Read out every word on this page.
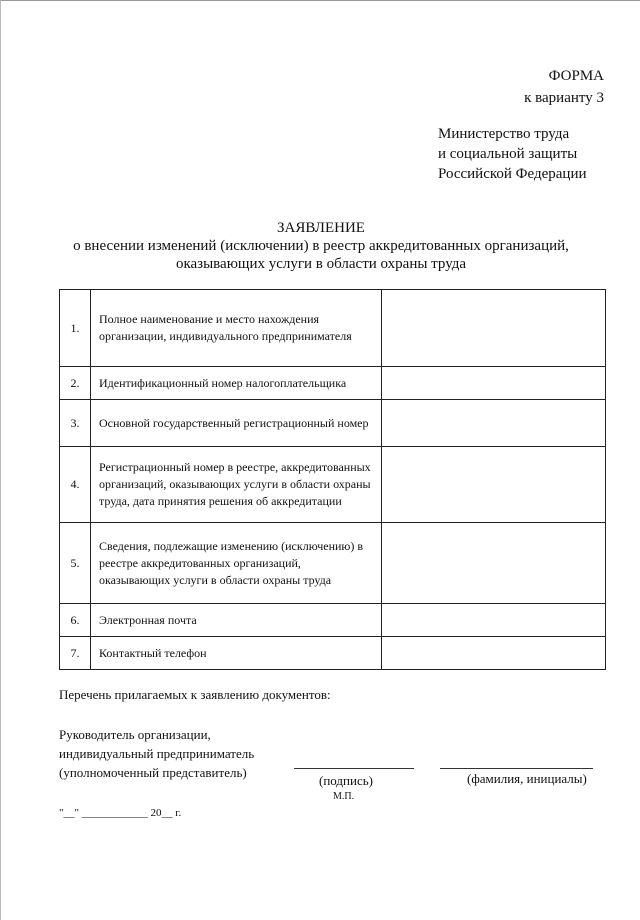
ФОРМА
к варианту 3
Министерство труда
и социальной защиты
Российской Федерации
ЗАЯВЛЕНИЕ
о внесении изменений (исключении) в реестр аккредитованных организаций,
оказывающих услуги в области охраны труда
1.	Полное наименование и место нахождения организации, индивидуального предпринимателя	
2.	Идентификационный номер налогоплательщика	
3.	Основной государственный регистрационный номер	
4.	Регистрационный номер в реестре, аккредитованных организаций, оказывающих услуги в области охраны труда, дата принятия решения об аккредитации	
5.	Сведения, подлежащие изменению (исключению) в реестре аккредитованных организаций, оказывающих услуги в области охраны труда	
6.	Электронная почта	
7.	Контактный телефон	
Перечень прилагаемых к заявлению документов:
Руководитель организации,
индивидуальный предприниматель
(уполномоченный представитель)
(подпись)	(фамилия, инициалы)
М.П.
"__" ____________ 20__ г.
